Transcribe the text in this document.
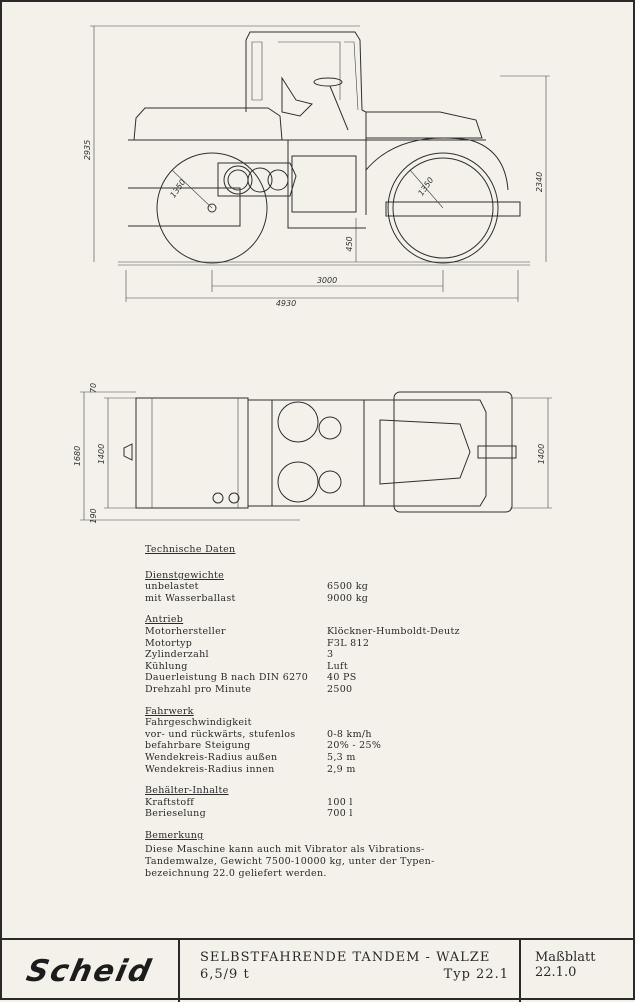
2935
2340
450
3000
4930
1350	1350
70
1680 1400
190
1400
Technische Daten
Dienstgewichte
unbelastet	6500 kg
mit Wasserballast	9000 kg
Antrieb
Motorhersteller	Klöckner-Humboldt-Deutz
Motortyp	F3L 812
Zylinderzahl	3
Kühlung	Luft
Dauerleistung B nach DIN 6270	40 PS
Drehzahl pro Minute	2500
Fahrwerk
Fahrgeschwindigkeit
vor- und rückwärts, stufenlos	0-8 km/h
befahrbare Steigung	20% - 25%
Wendekreis-Radius außen	5,3 m
Wendekreis-Radius innen	2,9 m
Behälter-Inhalte
Kraftstoff	100 l
Berieselung	700 l
Bemerkung
Diese Maschine kann auch mit Vibrator als Vibrations-Tandemwalze, Gewicht 7500-10000 kg, unter der Typen-bezeichnung 22.0 geliefert werden.
Scheid	SELBSTFAHRENDE TANDEM - WALZE
6,5/9 t	Typ 22.1
Maßblatt
22.1.0
